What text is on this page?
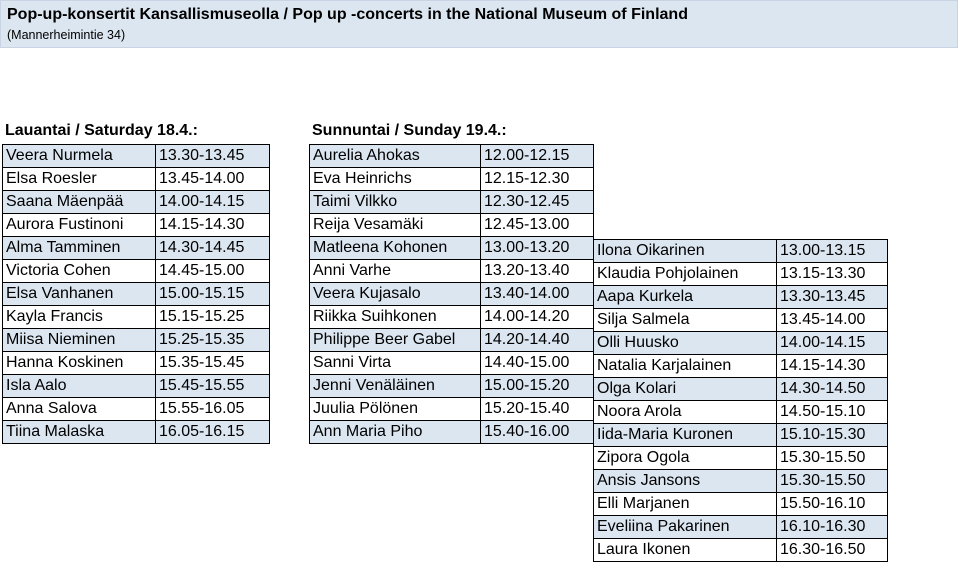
Pop-up-konsertit Kansallismuseolla / Pop up -concerts in the National Museum of Finland
(Mannerheimintie 34)
Lauantai / Saturday 18.4.:	Sunnuntai / Sunday 19.4.:
Veera Nurmela	13.30-13.45
Elsa Roesler	13.45-14.00
Saana Mäenpää	14.00-14.15
Aurora Fustinoni	14.15-14.30
Alma Tamminen	14.30-14.45
Victoria Cohen	14.45-15.00
Elsa Vanhanen	15.00-15.15
Kayla Francis	15.15-15.25
Miisa Nieminen	15.25-15.35
Hanna Koskinen	15.35-15.45
Isla Aalo	15.45-15.55
Anna Salova	15.55-16.05
Tiina Malaska	16.05-16.15
Aurelia Ahokas	12.00-12.15
Eva Heinrichs	12.15-12.30
Taimi Vilkko	12.30-12.45
Reija Vesamäki	12.45-13.00
Matleena Kohonen	13.00-13.20
Anni Varhe	13.20-13.40
Veera Kujasalo	13.40-14.00
Riikka Suihkonen	14.00-14.20
Philippe Beer Gabel	14.20-14.40
Sanni Virta	14.40-15.00
Jenni Venäläinen	15.00-15.20
Juulia Pölönen	15.20-15.40
Ann Maria Piho	15.40-16.00
Ilona Oikarinen	13.00-13.15
Klaudia Pohjolainen	13.15-13.30
Aapa Kurkela	13.30-13.45
Silja Salmela	13.45-14.00
Olli Huusko	14.00-14.15
Natalia Karjalainen	14.15-14.30
Olga Kolari	14.30-14.50
Noora Arola	14.50-15.10
Iida-Maria Kuronen	15.10-15.30
Zipora Ogola	15.30-15.50
Ansis Jansons	15.30-15.50
Elli Marjanen	15.50-16.10
Eveliina Pakarinen	16.10-16.30
Laura Ikonen	16.30-16.50
